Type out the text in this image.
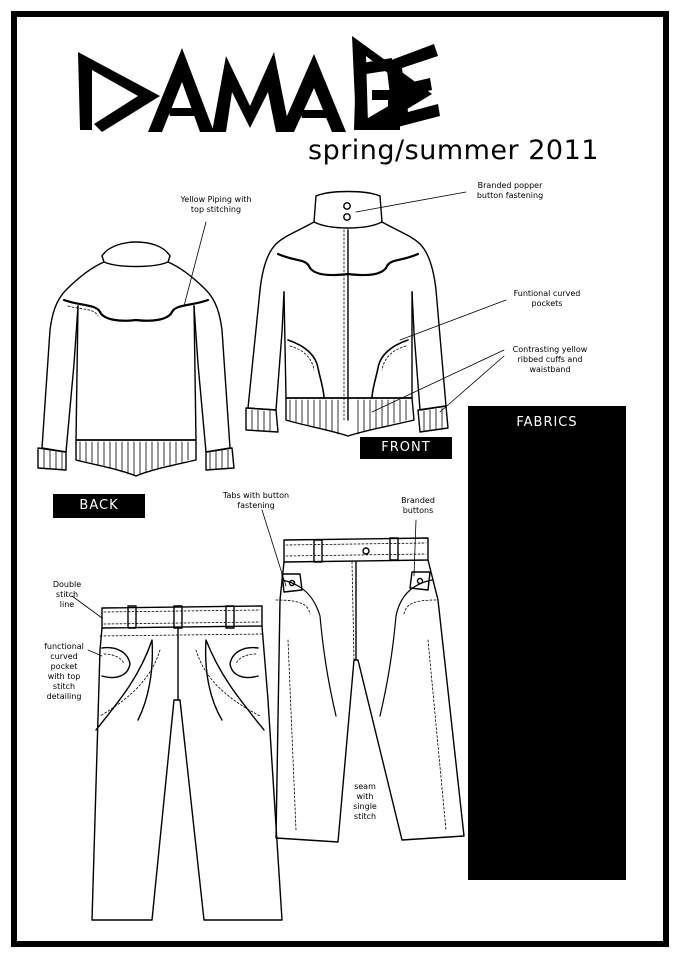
spring/summer 2011
Yellow Piping with
top stitching
Branded popper
button fastening
Funtional curved
pockets
Contrasting yellow
ribbed cuffs and
waistband
Tabs with button
fastening
Branded
buttons
Double
stitch
line
functional
curved
pocket
with top
stitch
detailing
seam
with
single
stitch
FRONT
BACK
FABRICS
